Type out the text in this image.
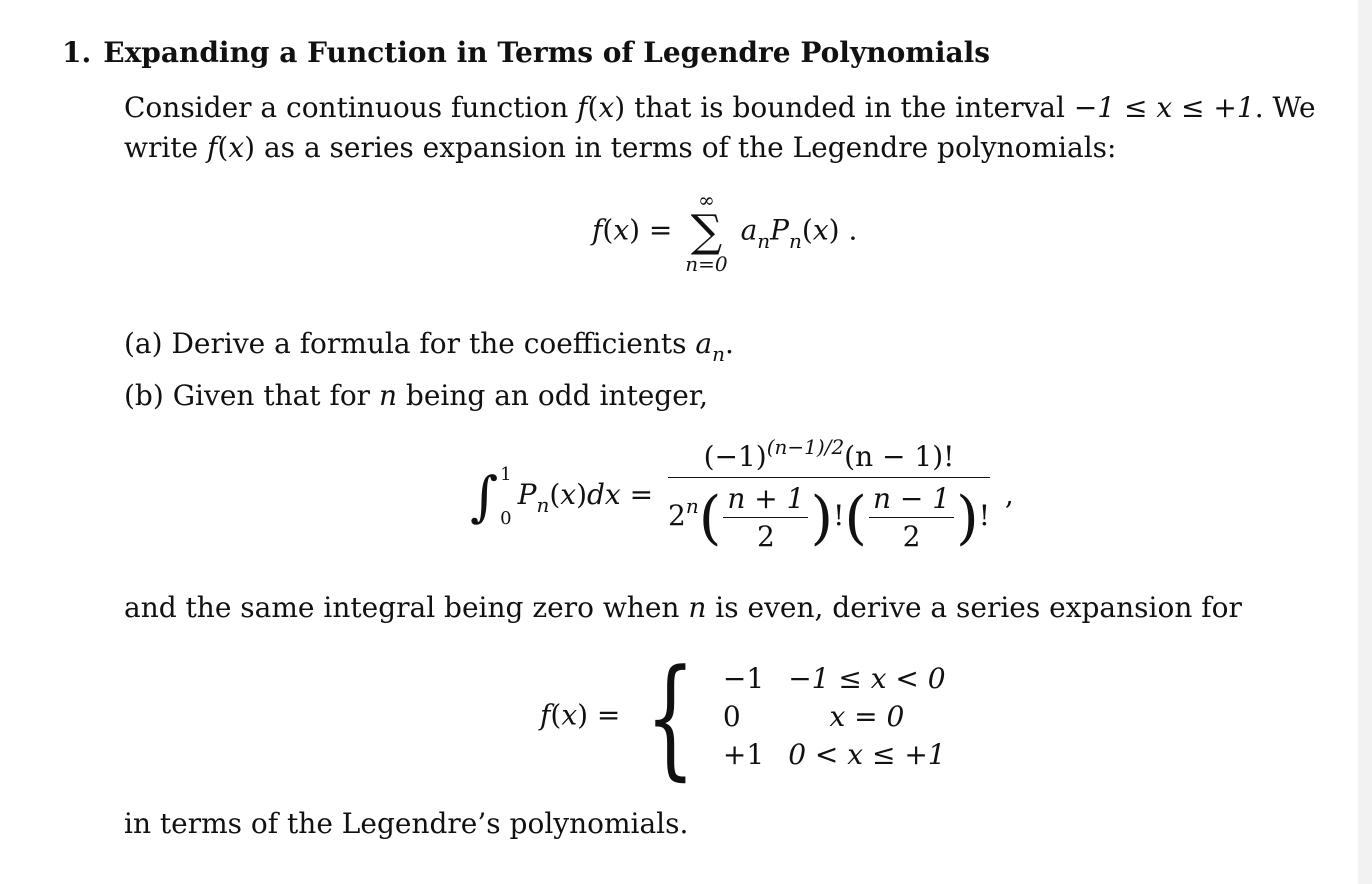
1. Expanding a Function in Terms of Legendre Polynomials
Consider a continuous function f(x) that is bounded in the interval −1 ≤ x ≤ +1. We
write f(x) as a series expansion in terms of the Legendre polynomials:
f(x) =
∞
∑
n=0
$a_nP_n(x)$ .
(a) Derive a formula for the coefficients $a_n$.
(b) Given that for n being an odd integer,
∫ 1
0
$P_n(x)dx = \frac{(-1)^{(n-1)/2}(n - 1)!}{2^n( \frac{n + 1}{2} )!( \frac{n - 1}{2} )!}$ ,
and the same integral being zero when n is even, derive a series expansion for
f(x) = { −1	−1 ≤ x < 0
0	x = 0
+1	0 < x ≤ +1
in terms of the Legendre’s polynomials.
